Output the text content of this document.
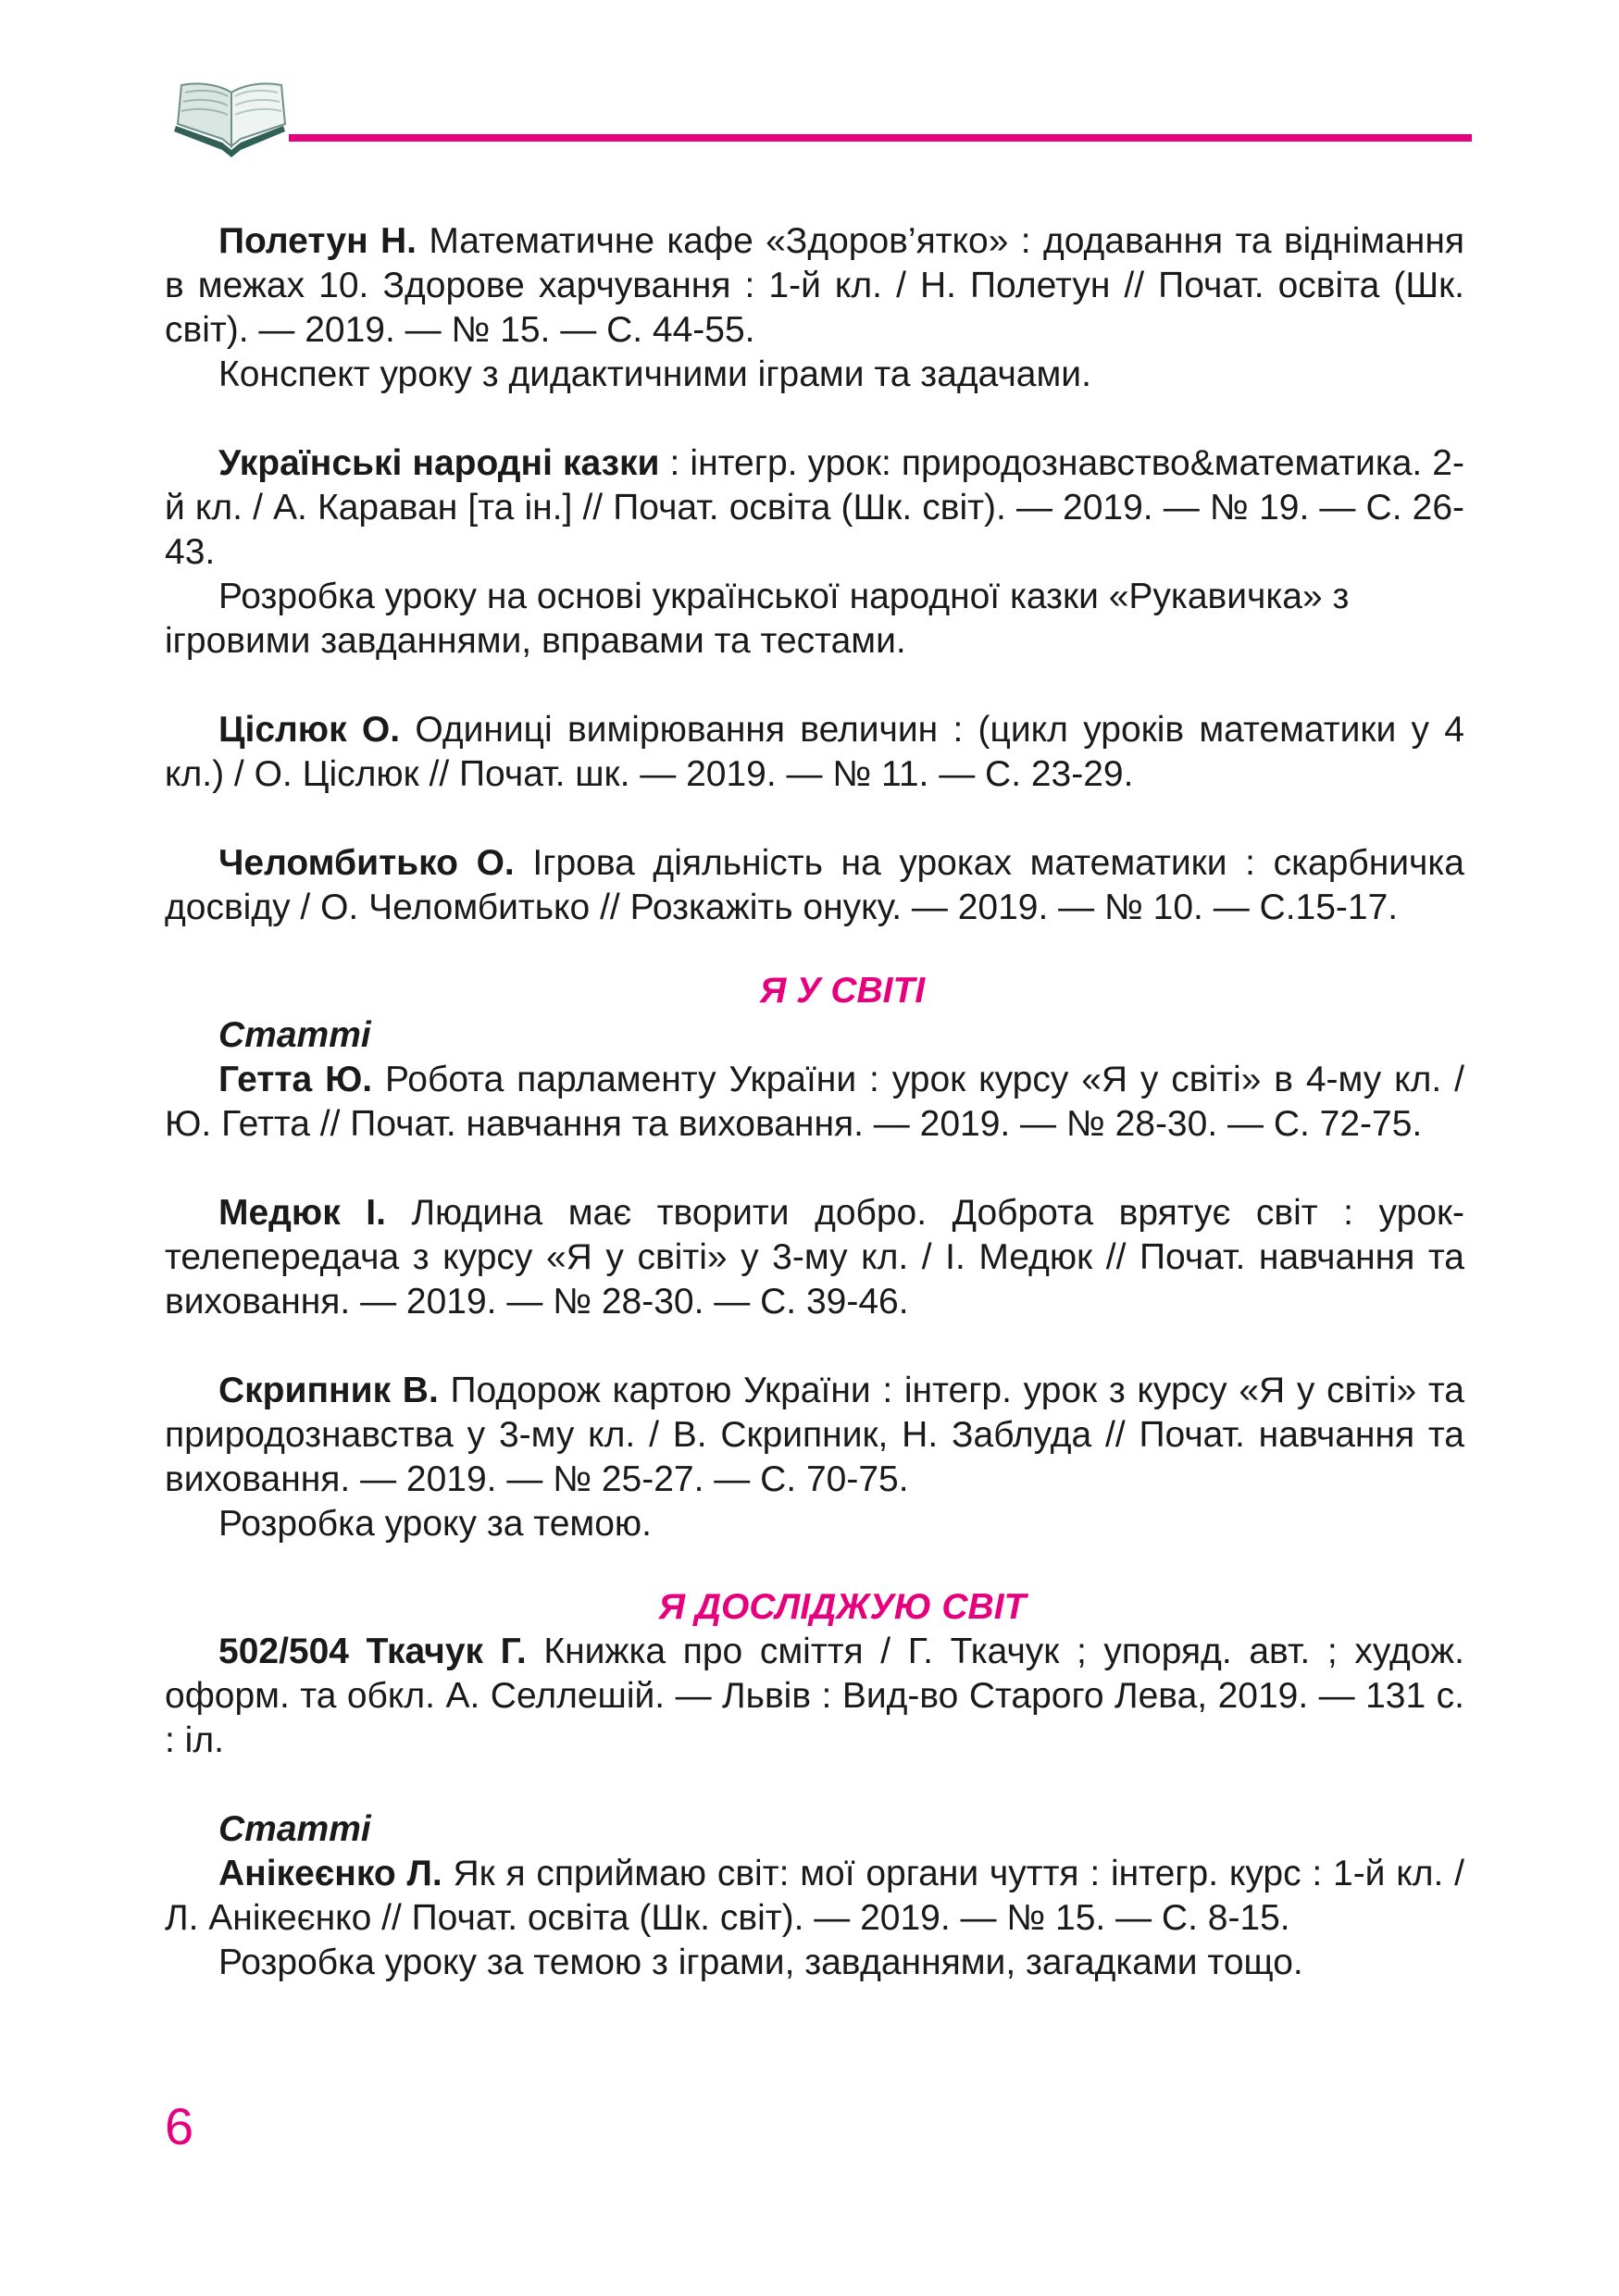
Полетун Н. Математичне кафе «Здоров’ятко» : додавання та віднімання в межах 10. Здорове харчування : 1-й кл. / Н. Полетун // Почат. освіта (Шк. світ). — 2019. — № 15. — С. 44-55.

Конспект уроку з дидактичними іграми та задачами.

Українські народні казки : інтегр. урок: природознавство&математика. 2-й кл. / А. Караван [та ін.] // Почат. освіта (Шк. світ). — 2019. — № 19. — С. 26-43.

Розробка уроку на основі української народної казки «Рукавичка» з ігровими завданнями, вправами та тестами.

Ціслюк О. Одиниці вимірювання величин : (цикл уроків математики у 4 кл.) / О. Ціслюк // Почат. шк. — 2019. — № 11. — С. 23-29.

Челомбитько О. Ігрова діяльність на уроках математики : скарбничка досвіду / О. Челомбитько // Розкажіть онуку. — 2019. — № 10. — С.15-17.

Я У СВІТІ

Статті

Гетта Ю. Робота парламенту України : урок курсу «Я у світі» в 4-му кл. / Ю. Гетта // Почат. навчання та виховання. — 2019. — № 28-30. — С. 72-75.

Медюк І. Людина має творити добро. Доброта врятує світ : урок-телепередача з курсу «Я у світі» у 3-му кл. / І. Медюк // Почат. навчання та виховання. — 2019. — № 28-30. — С. 39-46.

Скрипник В. Подорож картою України : інтегр. урок з курсу «Я у світі» та природознавства у 3-му кл. / В. Скрипник, Н. Заблуда // Почат. навчання та виховання. — 2019. — № 25-27. — С. 70-75.

Розробка уроку за темою.

Я ДОСЛІДЖУЮ СВІТ

502/504 Ткачук Г. Книжка про сміття / Г. Ткачук ; упоряд. авт. ; худож. оформ. та обкл. А. Селлешій. — Львів : Вид-во Старого Лева, 2019. — 131 с. : іл.

Статті

Анікеєнко Л. Як я сприймаю світ: мої органи чуття : інтегр. курс : 1-й кл. / Л. Анікеєнко // Почат. освіта (Шк. світ). — 2019. — № 15. — С. 8-15.

Розробка уроку за темою з іграми, завданнями, загадками тощо.

6
